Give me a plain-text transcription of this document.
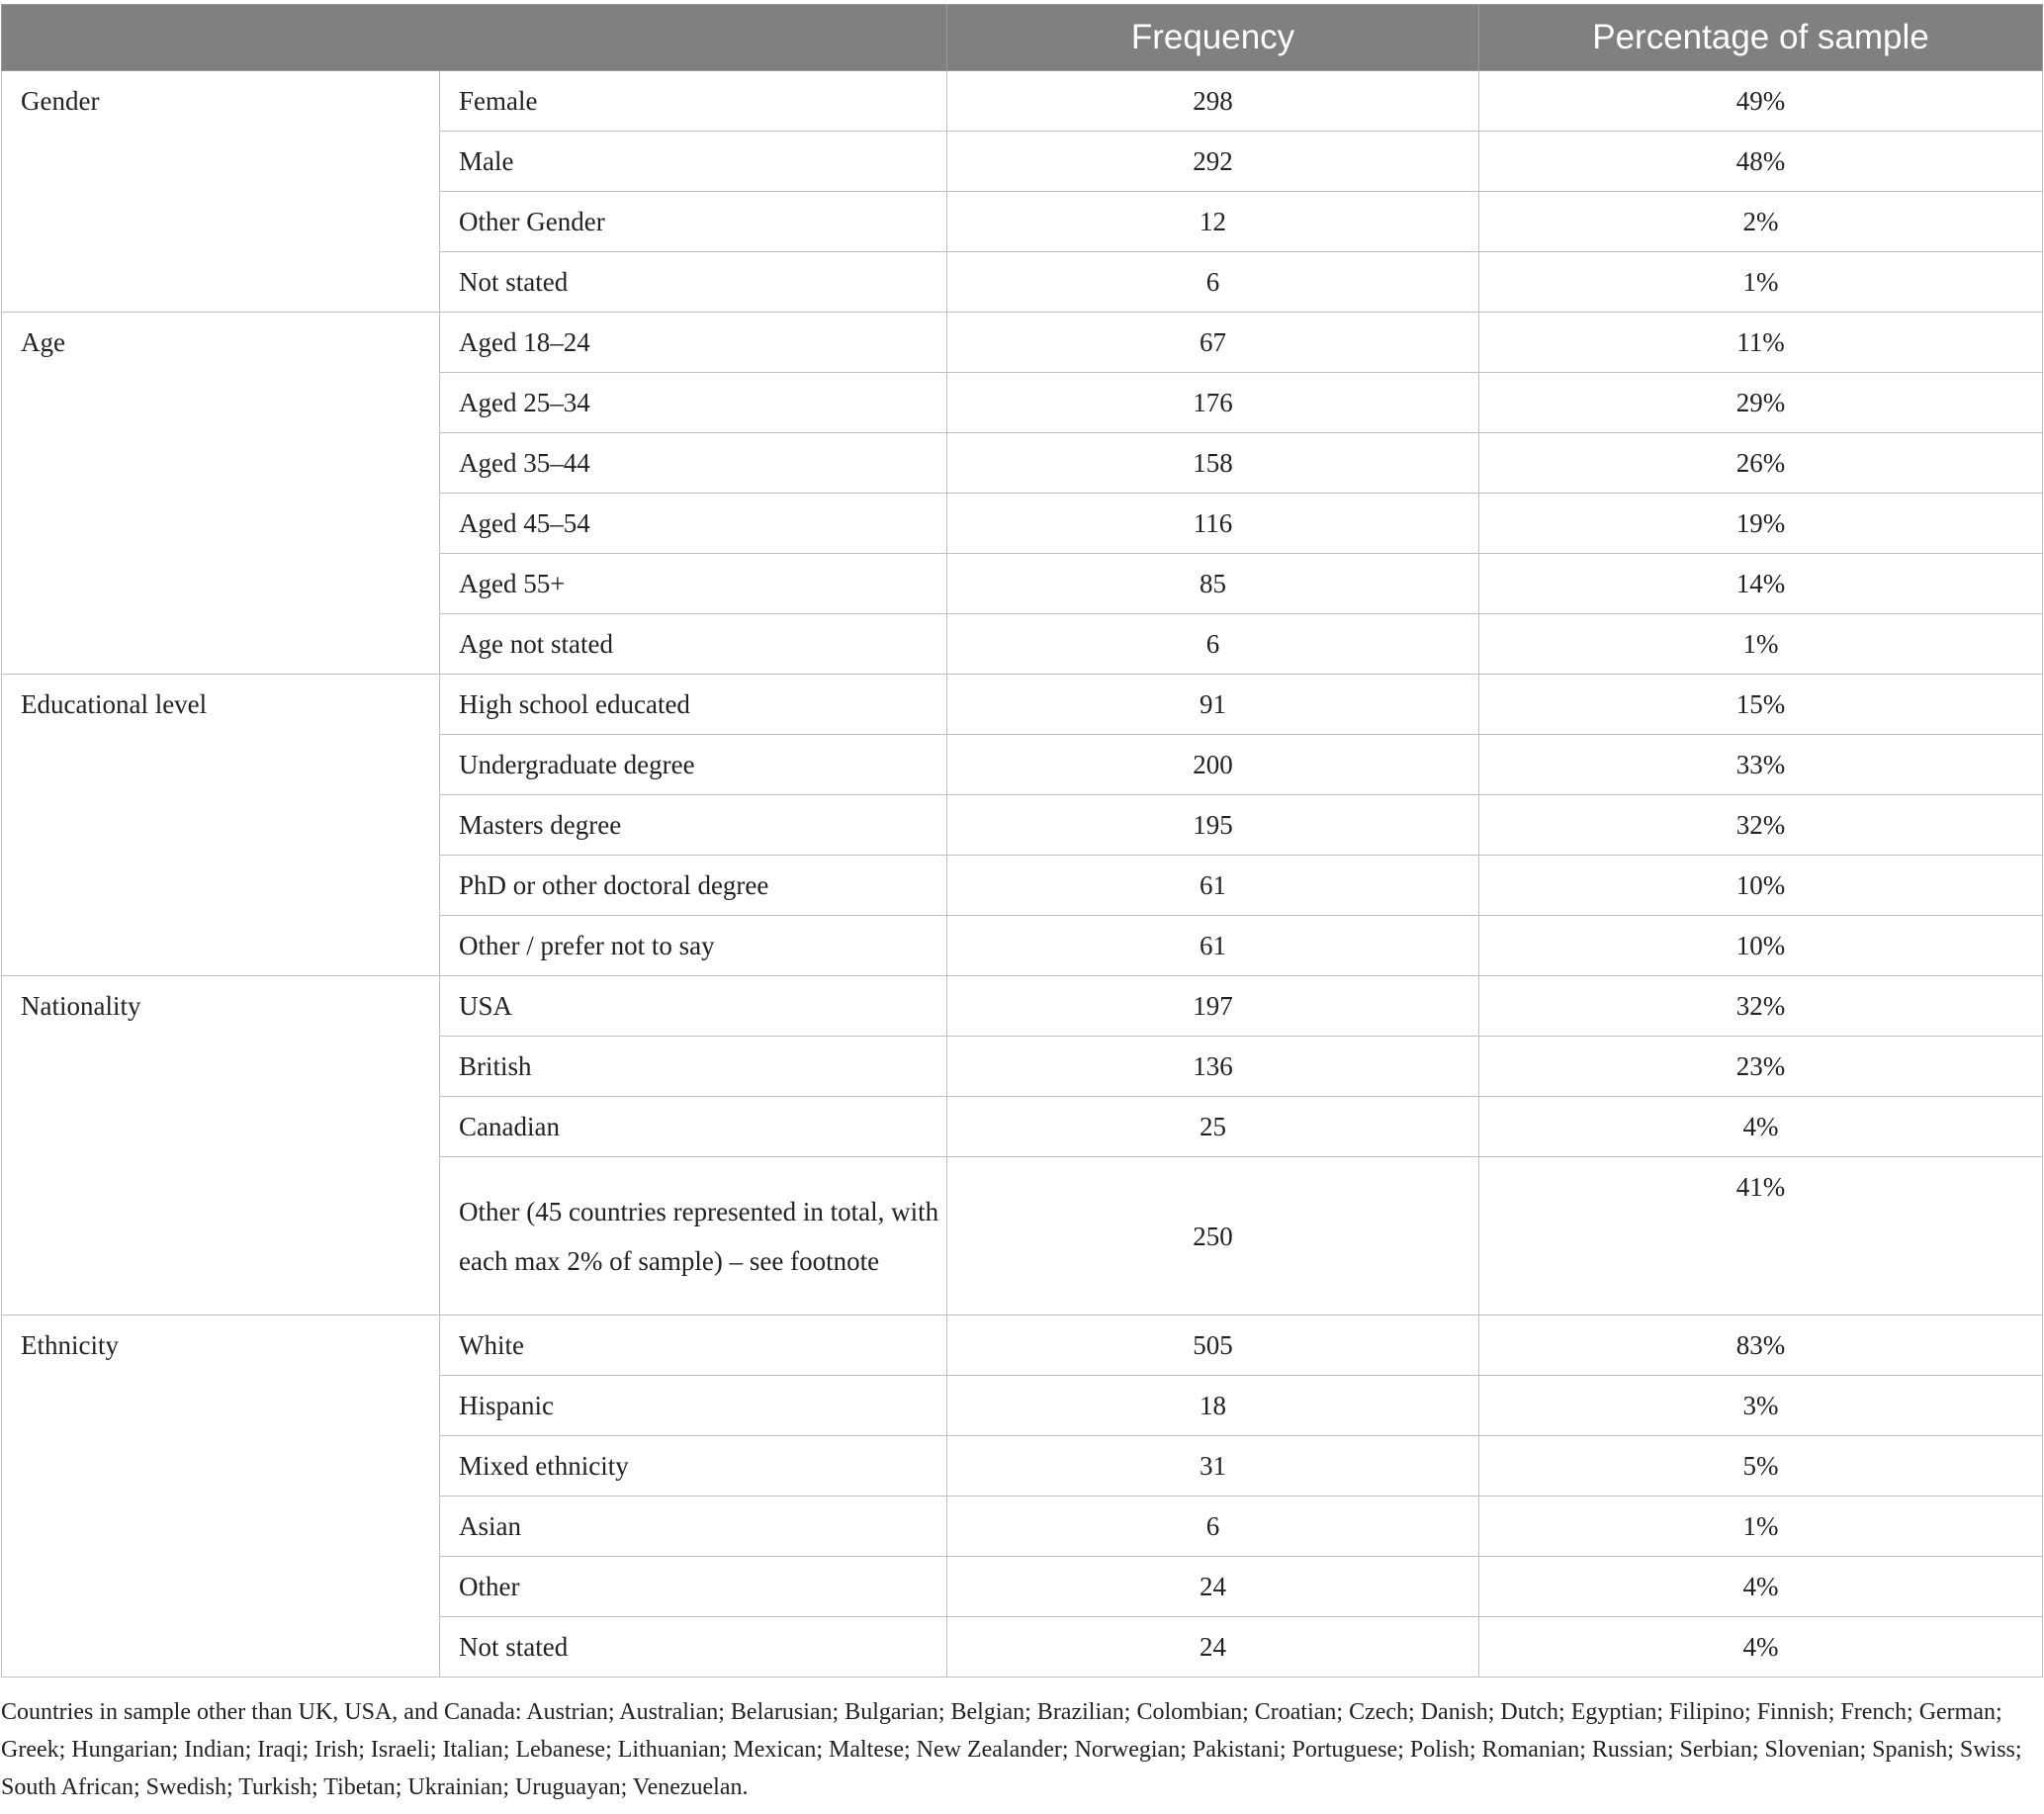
		Frequency	Percentage of sample
Gender	Female	298	49%
	Male	292	48%
	Other Gender	12	2%
	Not stated	6	1%
Age	Aged 18–24	67	11%
	Aged 25–34	176	29%
	Aged 35–44	158	26%
	Aged 45–54	116	19%
	Aged 55+	85	14%
	Age not stated	6	1%
Educational level	High school educated	91	15%
	Undergraduate degree	200	33%
	Masters degree	195	32%
	PhD or other doctoral degree	61	10%
	Other / prefer not to say	61	10%
Nationality	USA	197	32%
	British	136	23%
	Canadian	25	4%
	Other (45 countries represented in total, with each max 2% of sample) – see footnote	250	41%
Ethnicity	White	505	83%
	Hispanic	18	3%
	Mixed ethnicity	31	5%
	Asian	6	1%
	Other	24	4%
	Not stated	24	4%

Countries in sample other than UK, USA, and Canada: Austrian; Australian; Belarusian; Bulgarian; Belgian; Brazilian; Colombian; Croatian; Czech; Danish; Dutch; Egyptian; Filipino; Finnish; French; German; Greek; Hungarian; Indian; Iraqi; Irish; Israeli; Italian; Lebanese; Lithuanian; Mexican; Maltese; New Zealander; Norwegian; Pakistani; Portuguese; Polish; Romanian; Russian; Serbian; Slovenian; Spanish; Swiss; South African; Swedish; Turkish; Tibetan; Ukrainian; Uruguayan; Venezuelan.
